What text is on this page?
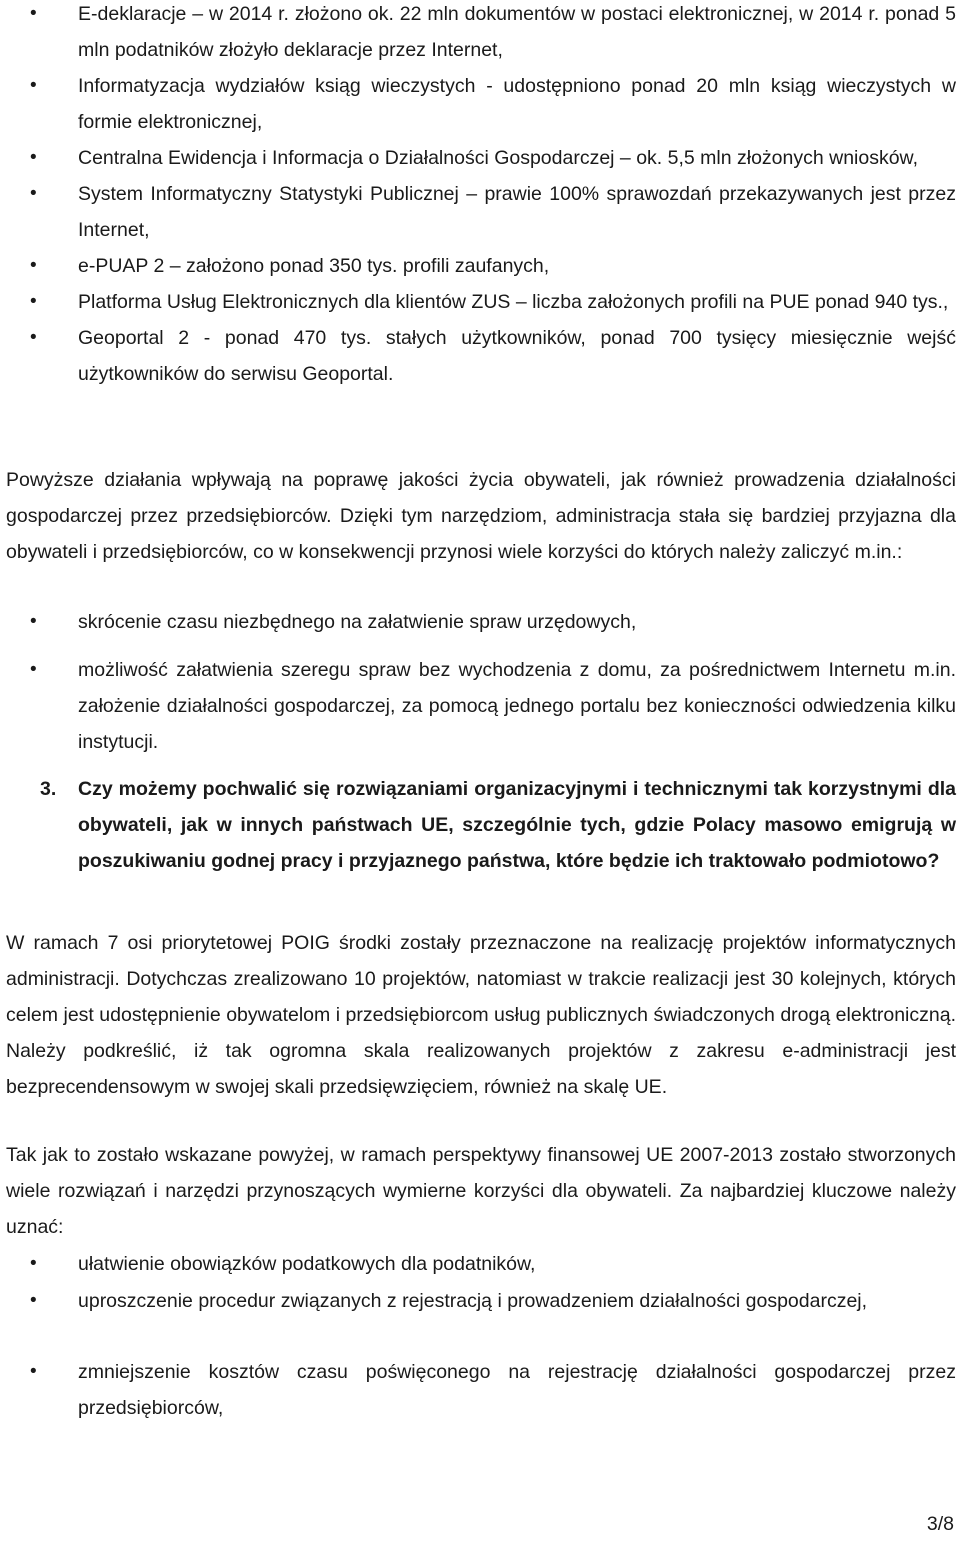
• E-deklaracje – w 2014 r. złożono ok. 22 mln dokumentów w postaci elektronicznej, w 2014 r. ponad 5 mln podatników złożyło deklaracje przez Internet,
• Informatyzacja wydziałów ksiąg wieczystych - udostępniono ponad 20 mln ksiąg wieczystych w formie elektronicznej,
• Centralna Ewidencja i Informacja o Działalności Gospodarczej – ok. 5,5 mln złożonych wniosków,
• System Informatyczny Statystyki Publicznej – prawie 100% sprawozdań przekazywanych jest przez Internet,
• e-PUAP 2 – założono ponad 350 tys. profili zaufanych,
• Platforma Usług Elektronicznych dla klientów ZUS – liczba założonych profili na PUE ponad 940 tys.,
• Geoportal 2 - ponad 470 tys. stałych użytkowników, ponad 700 tysięcy miesięcznie wejść użytkowników do serwisu Geoportal.

Powyższe działania wpływają na poprawę jakości życia obywateli, jak również prowadzenia działalności gospodarczej przez przedsiębiorców. Dzięki tym narzędziom, administracja stała się bardziej przyjazna dla obywateli i przedsiębiorców, co w konsekwencji przynosi wiele korzyści do których należy zaliczyć m.in.:

• skrócenie czasu niezbędnego na załatwienie spraw urzędowych,
• możliwość załatwienia szeregu spraw bez wychodzenia z domu, za pośrednictwem Internetu m.in. założenie działalności gospodarczej, za pomocą jednego portalu bez konieczności odwiedzenia kilku instytucji.
3. Czy możemy pochwalić się rozwiązaniami organizacyjnymi i technicznymi tak korzystnymi dla obywateli, jak w innych państwach UE, szczególnie tych, gdzie Polacy masowo emigrują w poszukiwaniu godnej pracy i przyjaznego państwa, które będzie ich traktowało podmiotowo?

W ramach 7 osi priorytetowej POIG środki zostały przeznaczone na realizację projektów informatycznych administracji. Dotychczas zrealizowano 10 projektów, natomiast w trakcie realizacji jest 30 kolejnych, których celem jest udostępnienie obywatelom i przedsiębiorcom usług publicznych świadczonych drogą elektroniczną. Należy podkreślić, iż tak ogromna skala realizowanych projektów z zakresu e-administracji jest bezprecendensowym w swojej skali przedsięwzięciem, również na skalę UE.

Tak jak to zostało wskazane powyżej, w ramach perspektywy finansowej UE 2007-2013 zostało stworzonych wiele rozwiązań i narzędzi przynoszących wymierne korzyści dla obywateli. Za najbardziej kluczowe należy uznać:

• ułatwienie obowiązków podatkowych dla podatników,
• uproszczenie procedur związanych z rejestracją i prowadzeniem działalności gospodarczej,
• zmniejszenie kosztów czasu poświęconego na rejestrację działalności gospodarczej przez przedsiębiorców,
3/8
